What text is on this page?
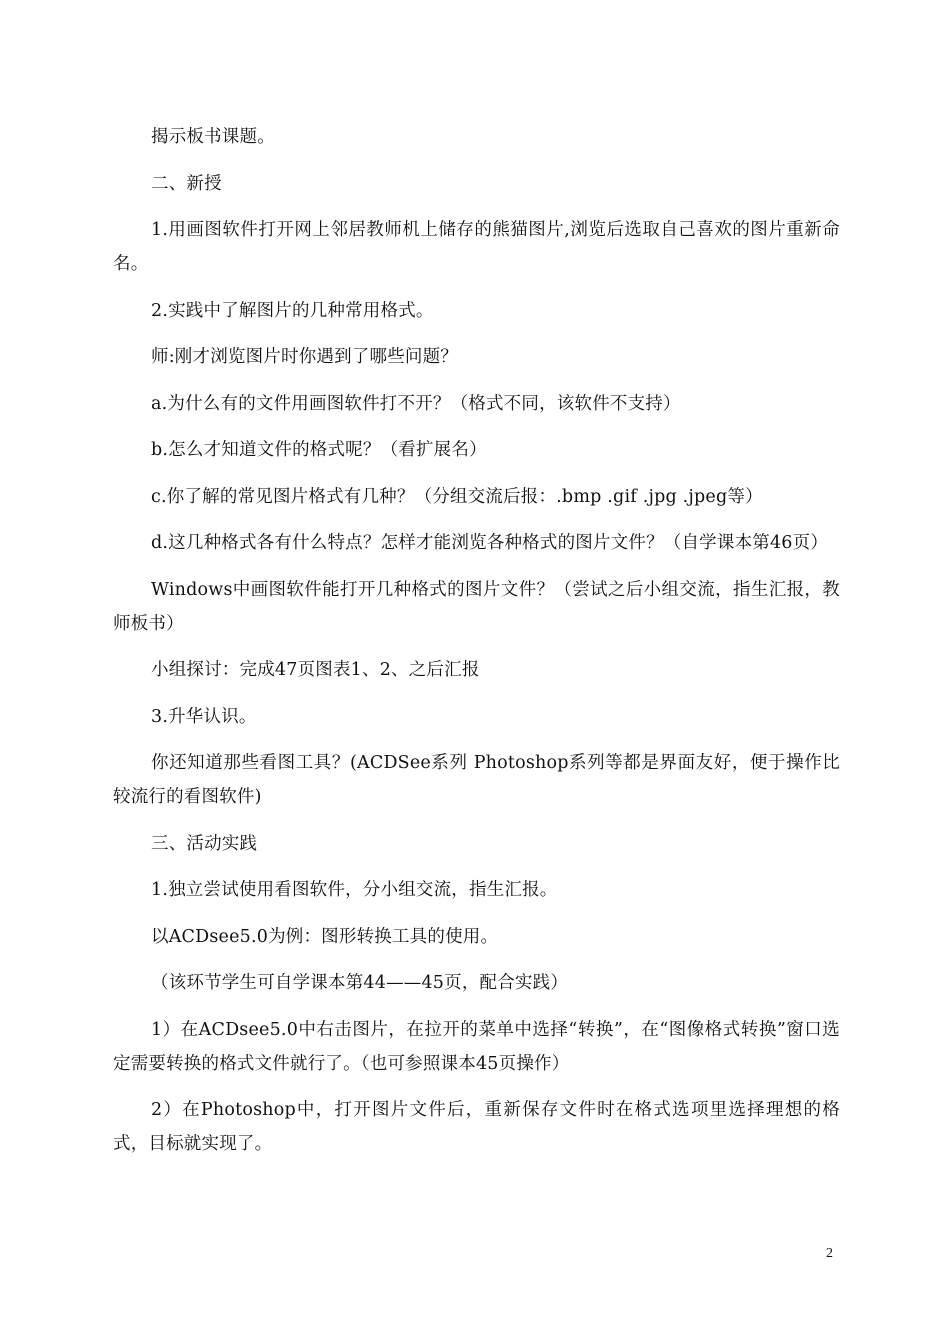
揭示板书课题。

二、新授

1.用画图软件打开网上邻居教师机上储存的熊猫图片,浏览后选取自己喜欢的图片重新命名。

2.实践中了解图片的几种常用格式。

师:刚才浏览图片时你遇到了哪些问题？

a.为什么有的文件用画图软件打不开？（格式不同，该软件不支持）

b.怎么才知道文件的格式呢？（看扩展名）

c.你了解的常见图片格式有几种？（分组交流后报：.bmp .gif .jpg .jpeg等）

d.这几种格式各有什么特点？怎样才能浏览各种格式的图片文件？（自学课本第46页）

Windows中画图软件能打开几种格式的图片文件？（尝试之后小组交流，指生汇报，教师板书）

小组探讨：完成47页图表1、2、之后汇报

3.升华认识。

你还知道那些看图工具？(ACDSee系列 Photoshop系列等都是界面友好，便于操作比较流行的看图软件)

三、活动实践

1.独立尝试使用看图软件，分小组交流，指生汇报。

以ACDsee5.0为例：图形转换工具的使用。

（该环节学生可自学课本第44——45页，配合实践）

1）在ACDsee5.0中右击图片，在拉开的菜单中选择“转换”，在“图像格式转换”窗口选定需要转换的格式文件就行了。（也可参照课本45页操作）

2）在Photoshop中，打开图片文件后，重新保存文件时在格式选项里选择理想的格式，目标就实现了。

2
